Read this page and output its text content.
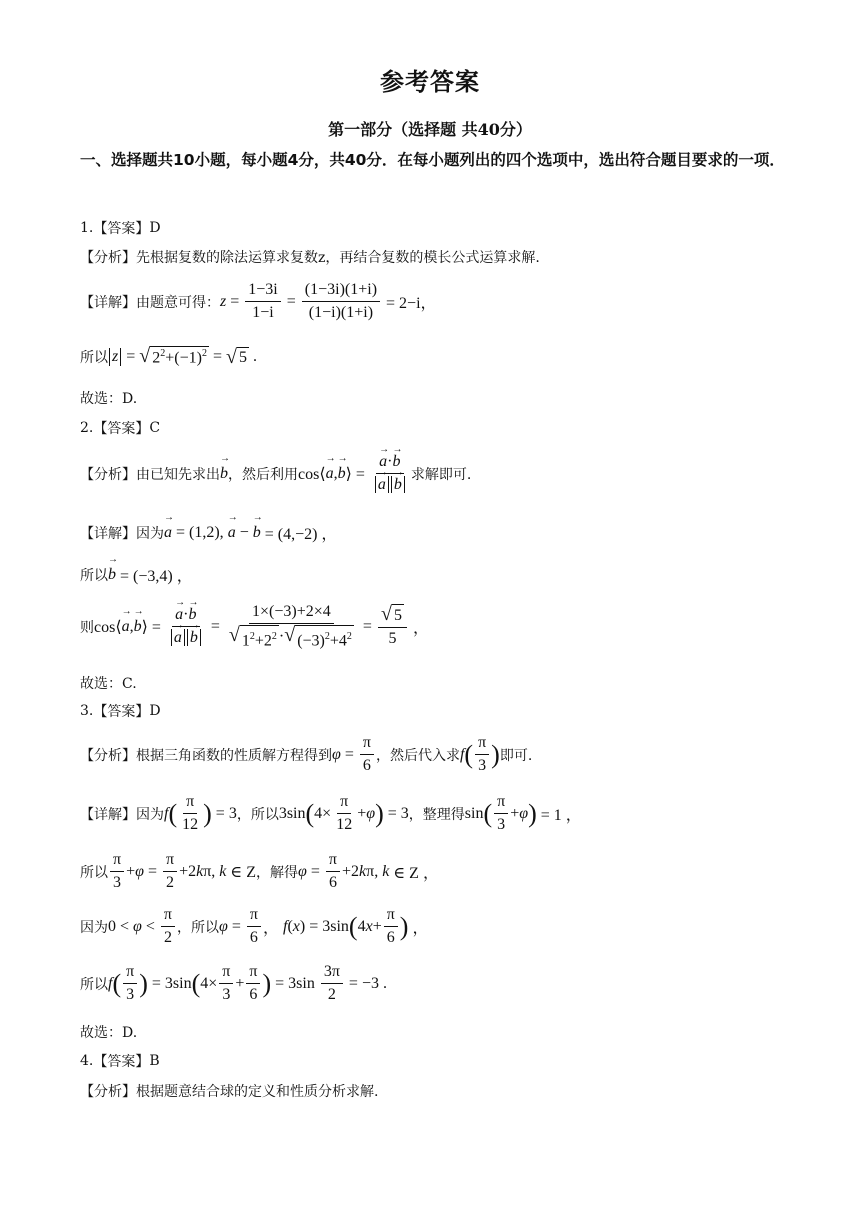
参考答案
第一部分（选择题 共40分）
一、选择题共10小题，每小题4分，共40分．在每小题列出的四个选项中，选出符合题目要求的一项．
1. 【答案】 D
【分析】 先根据复数的除法运算求复数z，再结合复数的模长公式运算求解.
【详解】 由题意可得： $z = \frac{1-3i}{1-i} = \frac{(1-3i)(1+i)}{(1-i)(1+i)} = 2-i$，
所以 z = √ $2^2+(-1)^2$ = √ 5 .
故选：D.
2. 【答案】 C
【分析】 由已知先求出 → b ，然后利用 cos⟨ → a , → b ⟩ = → a·→ b
→ a → b 求解即可.
【详解】 因为 → a = (1,2), → a − → b = (4,−2) ，
所以 → b = (−3,4) ，
则 cos⟨ → a , → b ⟩ = → a·→ b
→ $a \to b = \frac{1\times(-3)+2\times 4}{√ 1^2+2^2 \cdot √ (-3)^2+4^2} = \frac{√ 5}{5}$ ，
故选：C.
3. 【答案】 D
【分析】 根据三角函数的性质解方程得到 $\varphi = \frac{\pi}{6}$ ，然后代入求 f ( $\frac{\pi}{3}$ ) 即可.
【详解】 因为 f ( $\frac{\pi}{12}$ ) = 3 ，所以 3sin ( $4\times \frac{\pi}{12} + \varphi$ ) = 3 ，整理得 sin ( $\frac{\pi}{3} + \varphi$ ) = 1 ，
所以 $\frac{\pi}{3} + \varphi = \frac{\pi}{2} +2$ k π, k ∈ Z ，解得 $\varphi = \frac{\pi}{6} +2$ k π, k ∈ Z ，
因为 $0 < \varphi < \frac{\pi}{2}$ ，所以 $\varphi = \frac{\pi}{6}$ ， f ( x ) = 3sin ( 4 $x + \frac{\pi}{6}$ ) ，
所以 f ( $\frac{\pi}{3}$ ) = 3sin ( $4\times \frac{\pi}{3} + \frac{\pi}{6}$ ) = $3\sin \frac{3\pi}{2} = -3$ .
故选：D.
4. 【答案】 B
【分析】 根据题意结合球的定义和性质分析求解.
